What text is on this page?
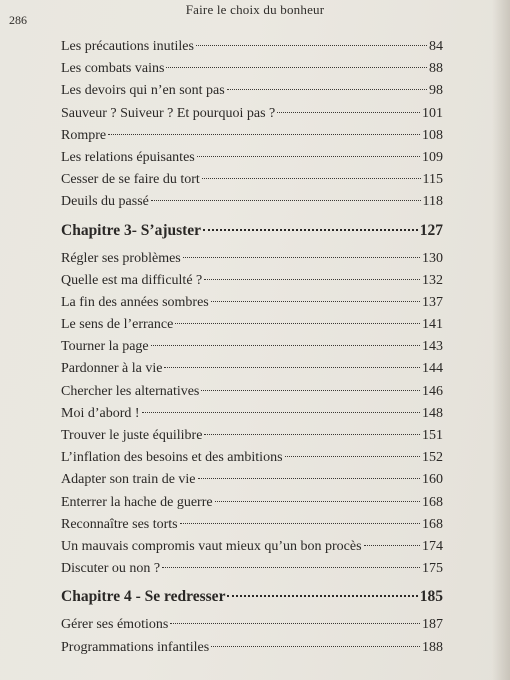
286
Faire le choix du bonheur
Les précautions inutiles	84
Les combats vains	88
Les devoirs qui n’en sont pas	98
Sauveur ? Suiveur ? Et pourquoi pas ?	101
Rompre	108
Les relations épuisantes	109
Cesser de se faire du tort	115
Deuils du passé	118
Chapitre 3- S’ajuster	127
Régler ses problèmes	130
Quelle est ma difficulté ?	132
La fin des années sombres	137
Le sens de l’errance	141
Tourner la page	143
Pardonner à la vie	144
Chercher les alternatives	146
Moi d’abord !	148
Trouver le juste équilibre	151
L’inflation des besoins et des ambitions	152
Adapter son train de vie	160
Enterrer la hache de guerre	168
Reconnaître ses torts	168
Un mauvais compromis vaut mieux qu’un bon procès	174
Discuter ou non ?	175
Chapitre 4 - Se redresser	185
Gérer ses émotions	187
Programmations infantiles	188
